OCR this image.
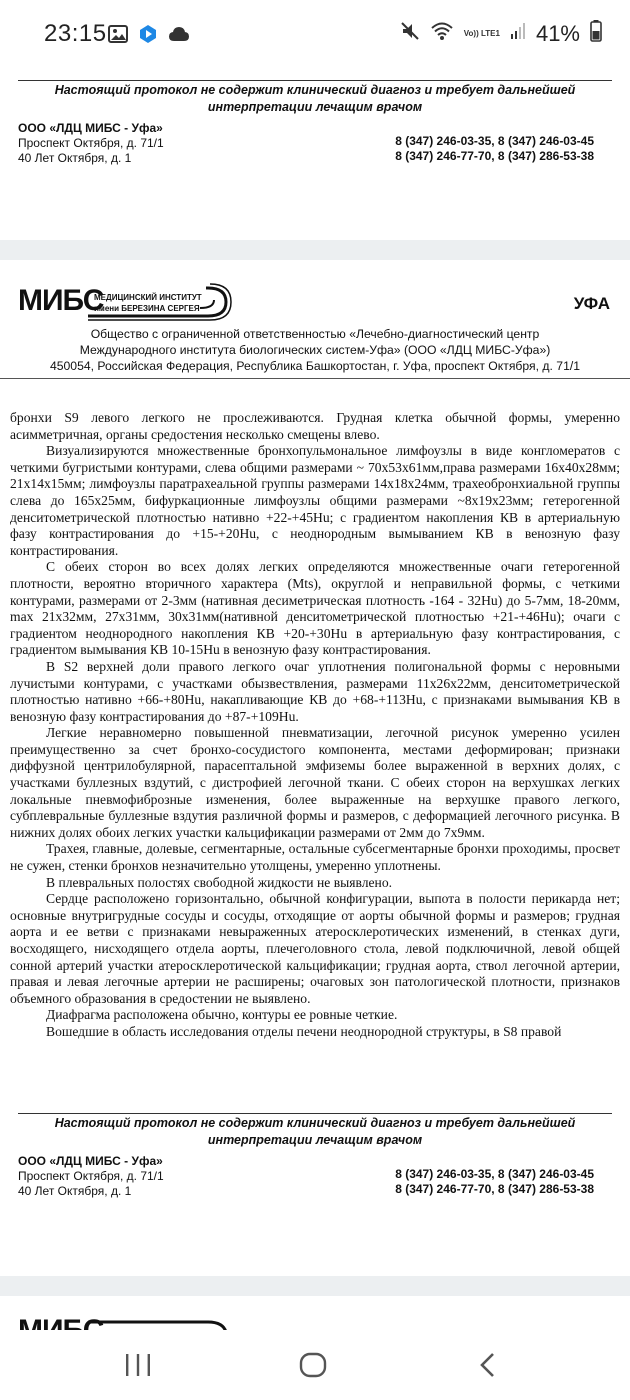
23:15	Vo)) LTE1 41%
Настоящий протокол не содержит клинический диагноз и требует дальнейшей
интерпретации лечащим врачом
ООО «ЛДЦ МИБС - Уфа»
Проспект Октября, д. 71/1
40 Лет Октября, д. 1
8 (347) 246-03-35, 8 (347) 246-03-45
8 (347) 246-77-70, 8 (347) 286-53-38
МИБС
МЕДИЦИНСКИЙ ИНСТИТУТ
имени БЕРЕЗИНА СЕРГЕЯ	УФА
Общество с ограниченной ответственностью «Лечебно-диагностический центр
Международного института биологических систем-Уфа» (ООО «ЛДЦ МИБС-Уфа»)
450054, Российская Федерация, Республика Башкортостан, г. Уфа, проспект Октября, д. 71/1

бронхи S9 левого легкого не прослеживаются. Грудная клетка обычной формы, умеренно асимметричная, органы средостения несколько смещены влево.

Визуализируются множественные бронхопульмональное лимфоузлы в виде конгломератов с четкими бугристыми контурами, слева общими размерами ~ 70х53х61мм,права размерами 16х40х28мм; 21х14х15мм; лимфоузлы паратрахеальной группы размерами 14х18х24мм, трахеобронхиальной группы слева до 165х25мм, бифуркационные лимфоузлы общими размерами ~8х19х23мм; гетерогенной денситометрической плотностью нативно +22-+45Hu; с градиентом накопления КВ в артериальную фазу контрастирования до +15-+20Hu, с неоднородным вымыванием КВ в венозную фазу контрастирования.

С обеих сторон во всех долях легких определяются множественные очаги гетерогенной плотности, вероятно вторичного характера (Mts), округлой и неправильной формы, с четкими контурами, размерами от 2-3мм (нативная десиметрическая плотность -164 - 32Hu) до 5-7мм, 18-20мм, max 21х32мм, 27х31мм, 30х31мм(нативной денситометрической плотностью +21-+46Hu); очаги с градиентом неоднородного накопления КВ +20-+30Hu в артериальную фазу контрастирования, с градиентом вымывания КВ 10-15Hu в венозную фазу контрастирования.

В S2 верхней доли правого легкого очаг уплотнения полигональной формы с неровными лучистыми контурами, с участками обызвествления, размерами 11х26х22мм, денситометрической плотностью нативно +66-+80Hu, накапливающие КВ до +68-+113Hu, с признаками вымывания КВ в венозную фазу контрастирования до +87-+109Hu.

Легкие неравномерно повышенной пневматизации, легочной рисунок умеренно усилен преимущественно за счет бронхо-сосудистого компонента, местами деформирован; признаки диффузной центрилобулярной, парасептальной эмфиземы более выраженной в верхних долях, с участками буллезных вздутий, с дистрофией легочной ткани. С обеих сторон на верхушках легких локальные пневмофиброзные изменения, более выраженные на верхушке правого легкого, субплевральные буллезные вздутия различной формы и размеров, с деформацией легочного рисунка. В нижних долях обоих легких участки кальцификации размерами от 2мм до 7х9мм.

Трахея, главные, долевые, сегментарные, остальные субсегментарные бронхи проходимы, просвет не сужен, стенки бронхов незначительно утолщены, умеренно уплотнены.

В плевральных полостях свободной жидкости не выявлено.

Сердце расположено горизонтально, обычной конфигурации, выпота в полости перикарда нет; основные внутригрудные сосуды и сосуды, отходящие от аорты обычной формы и размеров; грудная аорта и ее ветви с признаками невыраженных атеросклеротических изменений, в стенках дуги, восходящего, нисходящего отдела аорты, плечеголовного стола, левой подключичной, левой общей сонной артерий участки атеросклеротической кальцификации; грудная аорта, ствол легочной артерии, правая и левая легочные артерии не расширены; очаговых зон патологической плотности, признаков объемного образования в средостении не выявлено.

Диафрагма расположена обычно, контуры ее ровные четкие.

Вошедшие в область исследования отделы печени неоднородной структуры, в S8 правой

Настоящий протокол не содержит клинический диагноз и требует дальнейшей
интерпретации лечащим врачом
ООО «ЛДЦ МИБС - Уфа»
Проспект Октября, д. 71/1
40 Лет Октября, д. 1
8 (347) 246-03-35, 8 (347) 246-03-45
8 (347) 246-77-70, 8 (347) 286-53-38
